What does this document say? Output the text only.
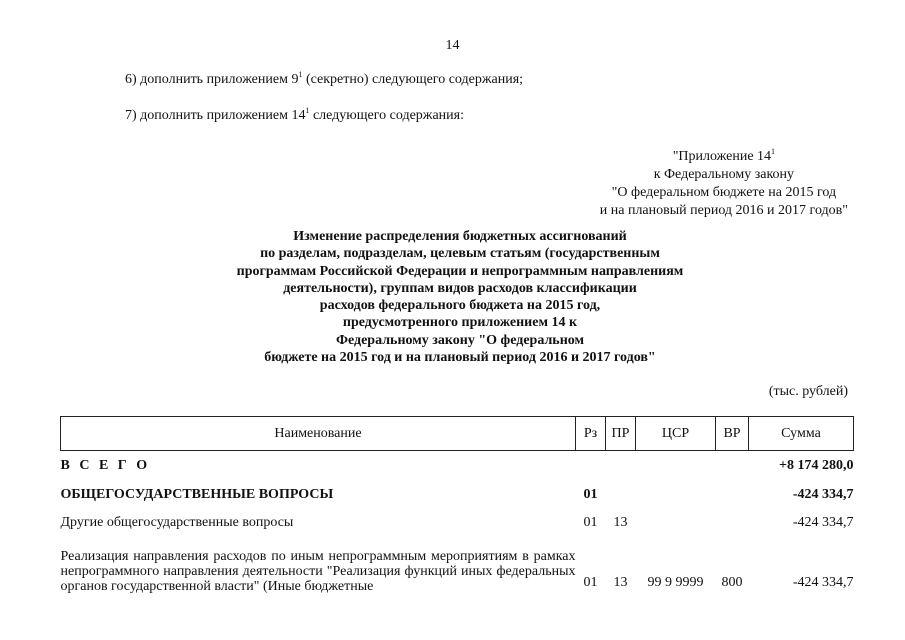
14
6) дополнить приложением $9^1$ (секретно) следующего содержания;
7) дополнить приложением $14^1$ следующего содержания:
"Приложение $14^1$
к Федеральному закону
"О федеральном бюджете на 2015 год
и на плановый период 2016 и 2017 годов"
Изменение распределения бюджетных ассигнований
по разделам, подразделам, целевым статьям (государственным
программам Российской Федерации и непрограммным направлениям
деятельности), группам видов расходов классификации
расходов федерального бюджета на 2015 год,
предусмотренного приложением 14 к
Федеральному закону "О федеральном
бюджете на 2015 год и на плановый период 2016 и 2017 годов"
(тыс. рублей)
Наименование	Рз	ПР	ЦСР	ВР	Сумма
В С Е Г О					+8 174 280,0
ОБЩЕГОСУДАРСТВЕННЫЕ ВОПРОСЫ	01				-424 334,7
Другие общегосударственные вопросы	01	13			-424 334,7
Реализация направления расходов по иным непрограммным мероприятиям в рамках непрограммного направления деятельности "Реализация функций иных федеральных органов государственной власти" (Иные бюджетные	01	13	99 9 9999	800	-424 334,7
